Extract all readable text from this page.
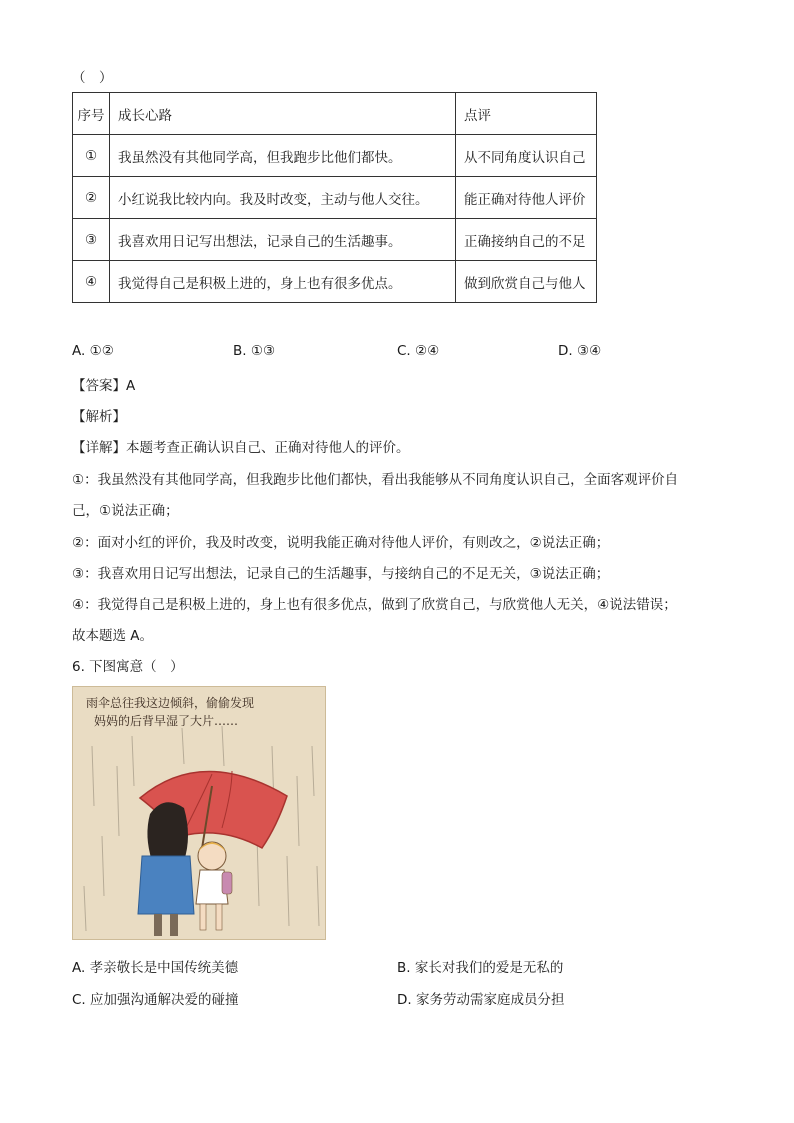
（　）
序号	成长心路	点评
①	我虽然没有其他同学高，但我跑步比他们都快。	从不同角度认识自己
②	小红说我比较内向。我及时改变，主动与他人交往。	能正确对待他人评价
③	我喜欢用日记写出想法，记录自己的生活趣事。	正确接纳自己的不足
④	我觉得自己是积极上进的，身上也有很多优点。	做到欣赏自己与他人
A. ①②	B. ①③	C. ②④	D. ③④
【答案】A
【解析】
【详解】本题考查正确认识自己、正确对待他人的评价。
①：我虽然没有其他同学高，但我跑步比他们都快，看出我能够从不同角度认识自己，全面客观评价自
己，①说法正确；
②：面对小红的评价，我及时改变，说明我能正确对待他人评价，有则改之，②说法正确；
③：我喜欢用日记写出想法，记录自己的生活趣事，与接纳自己的不足无关，③说法正确；
④：我觉得自己是积极上进的，身上也有很多优点，做到了欣赏自己，与欣赏他人无关，④说法错误；
故本题选 A。
6. 下图寓意（　）
雨伞总往我这边倾斜，偷偷发现
妈妈的后背早湿了大片……
A. 孝亲敬长是中国传统美德	B. 家长对我们的爱是无私的
C. 应加强沟通解决爱的碰撞	D. 家务劳动需家庭成员分担
